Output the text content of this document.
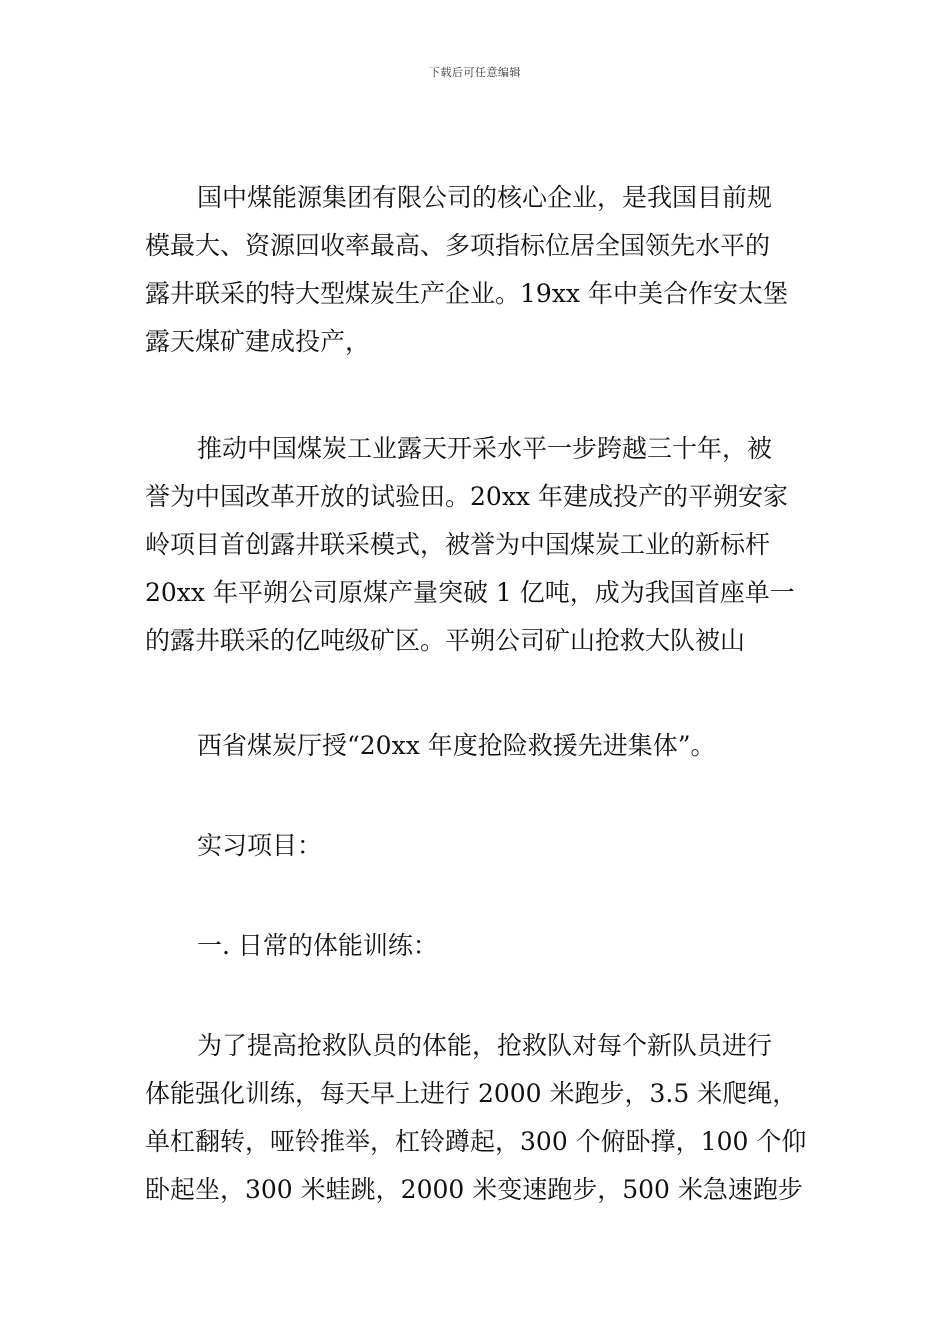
下载后可任意编辑
国中煤能源集团有限公司的核心企业，是我国目前规
模最大、资源回收率最高、多项指标位居全国领先水平的
露井联采的特大型煤炭生产企业。19xx 年中美合作安太堡
露天煤矿建成投产，
推动中国煤炭工业露天开采水平一步跨越三十年，被
誉为中国改革开放的试验田。20xx 年建成投产的平朔安家
岭项目首创露井联采模式，被誉为中国煤炭工业的新标杆
20xx 年平朔公司原煤产量突破 1 亿吨，成为我国首座单一
的露井联采的亿吨级矿区。平朔公司矿山抢救大队被山
西省煤炭厅授“20xx 年度抢险救援先进集体”。
实习项目：
一. 日常的体能训练：
为了提高抢救队员的体能，抢救队对每个新队员进行
体能强化训练，每天早上进行 2000 米跑步，3.5 米爬绳，
单杠翻转，哑铃推举，杠铃蹲起，300 个俯卧撑，100 个仰
卧起坐，300 米蛙跳，2000 米变速跑步，500 米急速跑步
